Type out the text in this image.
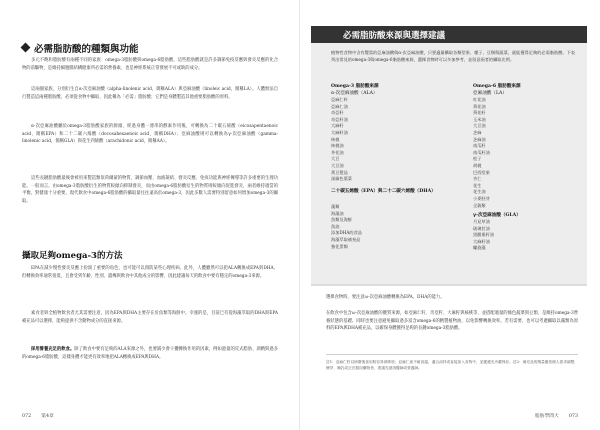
必需脂肪酸的種類與功能
多元不飽和脂肪酸有兩種不同的家族：omega-3脂肪酸與omega-6脂肪酸，這些脂肪酸就是許多調節免疫反應與發炎反應的化合物的前驅物，是維持細胞膜結構健康所必需的營養素，也是神經系統正常發展不可或缺的成分。
這兩個家族，分別衍生自α-次亞麻油酸（alpha-linolenic acid，簡稱ALA）與亞麻油酸（linoleic acid，簡稱LA）。人體無法自行製造這兩種脂肪酸，必須從食物中攝取，因此稱為「必需」脂肪酸；它們是身體製造其他重要脂肪酸的原料。
α-次亞麻油酸屬於omega-3脂肪酸家族的源頭，經過身體一連串的酵素作用後，可轉換為二十碳五烯酸（eicosapentaenoic acid，簡稱EPA）和二十二碳六烯酸（docosahexaenoic acid，簡稱DHA）；亞麻油酸則可以轉換為γ-次亞麻油酸（gamma-linolenic acid，簡稱GLA）與花生四烯酸（arachidonic acid，簡稱AA）。
這些長鏈脂肪酸最後會被用來製造類似荷爾蒙的物質，調節血壓、血液凝結、發炎反應、免疫功能與神經傳導等許多重要的生理功能。一般而言，由omega-3脂肪酸衍生的物質較傾向抑制發炎，而由omega-6脂肪酸衍生的物質則較傾向促進發炎，兩者維持適當的平衡，對健康十分重要。現代飲食中omega-6脂肪酸的攝取量往往遠高於omega-3，因此多數人需要特別留意如何增加omega-3的攝取。
攝取足夠omega-3的方法
EPA在減少慢性發炎反應上扮演了重要的角色，也可能可以預防某些心理疾病。此外，人體雖然可以把ALA轉換成EPA與DHA，但轉換效率通常很低，且會受到年齡、性別、遺傳與飲食中其他成分的影響，因此建議每天的飲食中要有穩定的omega-3來源。
素食者與全植物飲食者尤其需要注意，因為EPA與DHA主要存在於魚類等海鮮中。幸運的是，目前已有從海藻萃取的DHA與EPA補充品可以選擇，能夠提供不含動物成分的直接來源。
採用營養充足的飲食。除了飲食中要有足夠的ALA來源之外，也要減少會干擾轉換作用的因素，例如過量的反式脂肪、酒精與過多的omega-6脂肪酸，這樣身體才能更有效率地把ALA轉換成EPA與DHA。
072 第4章
必需脂肪酸來源與選擇建議
植物性食物中含有豐富的亞麻油酸與α-次亞麻油酸，只要適量攝取各類堅果、種子、豆類與蔬菜，就能獲得足夠的必需脂肪酸。下表列出常見的omega-3與omega-6脂肪酸來源，選擇食物時可以多加參考，並留意兩者的攝取比例。
Omega-3 脂肪酸來源
α-次亞麻油酸（ALA）
亞麻仁籽
亞麻仁油
奇亞籽
奇亞籽油
大麻籽
大麻籽油
核桃
核桃油
芥花油
大豆
大豆油
黃豆製品
深綠色葉菜
二十碳五烯酸（EPA）與二十二碳六烯酸（DHA）
藻類
海藻油
魚類及海鮮
魚油
添加DHA的食品
海藻萃取補充品
強化蛋類
Omega-6 脂肪酸來源
亞麻油酸（LA）
紅花油
葵花油
葵花籽
玉米油
大豆油
芝麻
芝麻油
南瓜籽
南瓜籽油
松子
胡桃
巴西堅果
杏仁
花生
花生油
小麥胚芽
全穀類
γ-次亞麻油酸（GLA）
月見草油
琉璃苣油
黑醋栗籽油
大麻籽油
螺旋藻
選擇食物時，要注意ω-次亞麻油酸轉換為EPA、DHA的能力。
在飲食中包含ω-次亞麻油酸的優質來源，如亞麻仁籽、奇亞籽、大麻籽與核桃等，並搭配適量的綠色蔬菜與豆類，是維持omega-3營養狀態的基礎。同時也要注意避免攝取過多富含omega-6的精製植物油，以免影響轉換效率。若有需要，也可以考慮攝取以藻類為原料的EPA與DHA補充品，以確保身體獲得足夠的長鏈omega-3脂肪酸。
註1：亞麻仁籽以研磨後食用較容易被吸收；亞麻仁油不耐高溫，適合涼拌或直接加入食物中，並應避光冷藏保存。註2：補充品的劑量應依個人需求調整，懷孕、哺乳或正在服用藥物者，建議先諮詢醫師或營養師。
脂肪學問大 073
